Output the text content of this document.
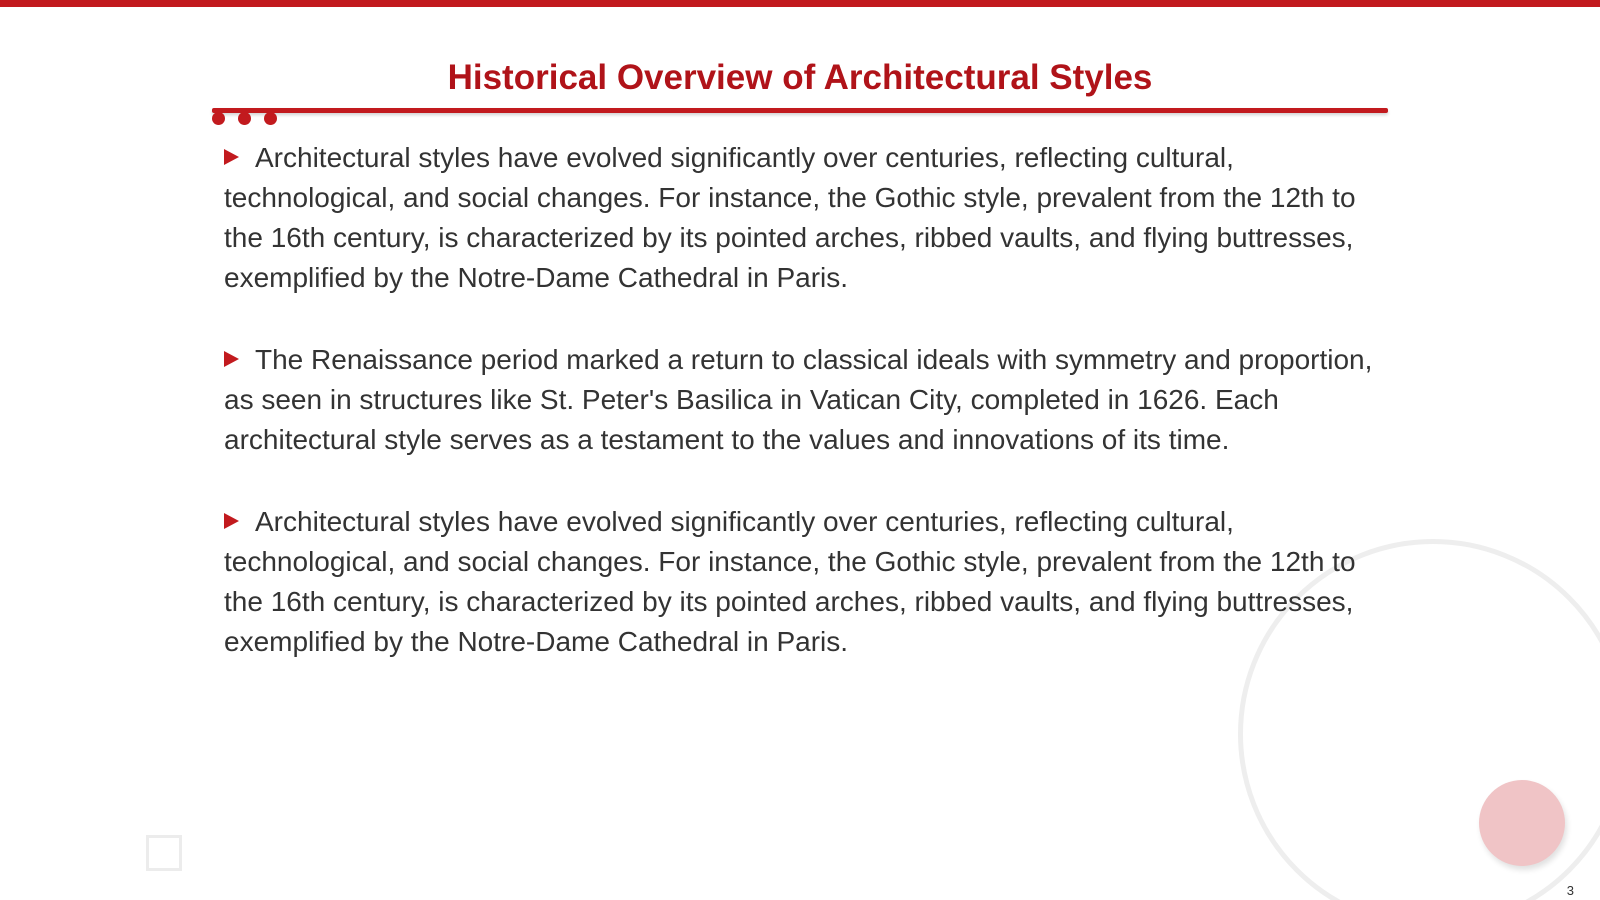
Historical Overview of Architectural Styles
Architectural styles have evolved significantly over centuries, reflecting cultural, technological, and social changes. For instance, the Gothic style, prevalent from the 12th to the 16th century, is characterized by its pointed arches, ribbed vaults, and flying buttresses, exemplified by the Notre-Dame Cathedral in Paris.
The Renaissance period marked a return to classical ideals with symmetry and proportion, as seen in structures like St. Peter's Basilica in Vatican City, completed in 1626. Each architectural style serves as a testament to the values and innovations of its time.
Architectural styles have evolved significantly over centuries, reflecting cultural, technological, and social changes. For instance, the Gothic style, prevalent from the 12th to the 16th century, is characterized by its pointed arches, ribbed vaults, and flying buttresses, exemplified by the Notre-Dame Cathedral in Paris.
3
